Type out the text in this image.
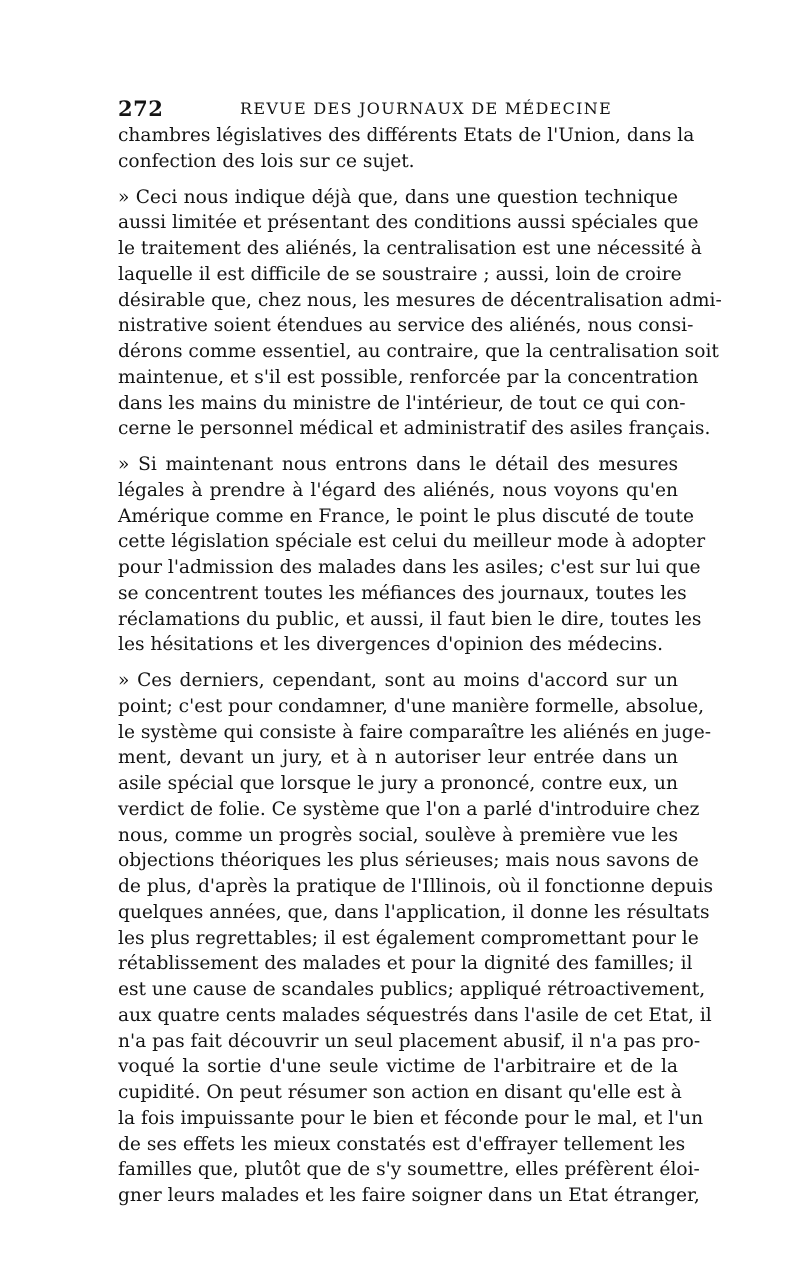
272	REVUE DES JOURNAUX DE MÉDECINE

chambres législatives des différents Etats de l'Union, dans la
confection des lois sur ce sujet.

» Ceci nous indique déjà que, dans une question technique
aussi limitée et présentant des conditions aussi spéciales que
le traitement des aliénés, la centralisation est une nécessité à
laquelle il est difficile de se soustraire ; aussi, loin de croire
désirable que, chez nous, les mesures de décentralisation admi-
nistrative soient étendues au service des aliénés, nous consi-
dérons comme essentiel, au contraire, que la centralisation soit
maintenue, et s'il est possible, renforcée par la concentration
dans les mains du ministre de l'intérieur, de tout ce qui con-
cerne le personnel médical et administratif des asiles français.

» Si maintenant nous entrons dans le détail des mesures
légales à prendre à l'égard des aliénés, nous voyons qu'en
Amérique comme en France, le point le plus discuté de toute
cette législation spéciale est celui du meilleur mode à adopter
pour l'admission des malades dans les asiles; c'est sur lui que
se concentrent toutes les méfiances des journaux, toutes les
réclamations du public, et aussi, il faut bien le dire, toutes les
les hésitations et les divergences d'opinion des médecins.

» Ces derniers, cependant, sont au moins d'accord sur un
point; c'est pour condamner, d'une manière formelle, absolue,
le système qui consiste à faire comparaître les aliénés en juge-
ment, devant un jury, et à n autoriser leur entrée dans un
asile spécial que lorsque le jury a prononcé, contre eux, un
verdict de folie. Ce système que l'on a parlé d'introduire chez
nous, comme un progrès social, soulève à première vue les
objections théoriques les plus sérieuses; mais nous savons de
de plus, d'après la pratique de l'Illinois, où il fonctionne depuis
quelques années, que, dans l'application, il donne les résultats
les plus regrettables; il est également compromettant pour le
rétablissement des malades et pour la dignité des familles; il
est une cause de scandales publics; appliqué rétroactivement,
aux quatre cents malades séquestrés dans l'asile de cet Etat, il
n'a pas fait découvrir un seul placement abusif, il n'a pas pro-
voqué la sortie d'une seule victime de l'arbitraire et de la
cupidité. On peut résumer son action en disant qu'elle est à
la fois impuissante pour le bien et féconde pour le mal, et l'un
de ses effets les mieux constatés est d'effrayer tellement les
familles que, plutôt que de s'y soumettre, elles préfèrent éloi-
gner leurs malades et les faire soigner dans un Etat étranger,
